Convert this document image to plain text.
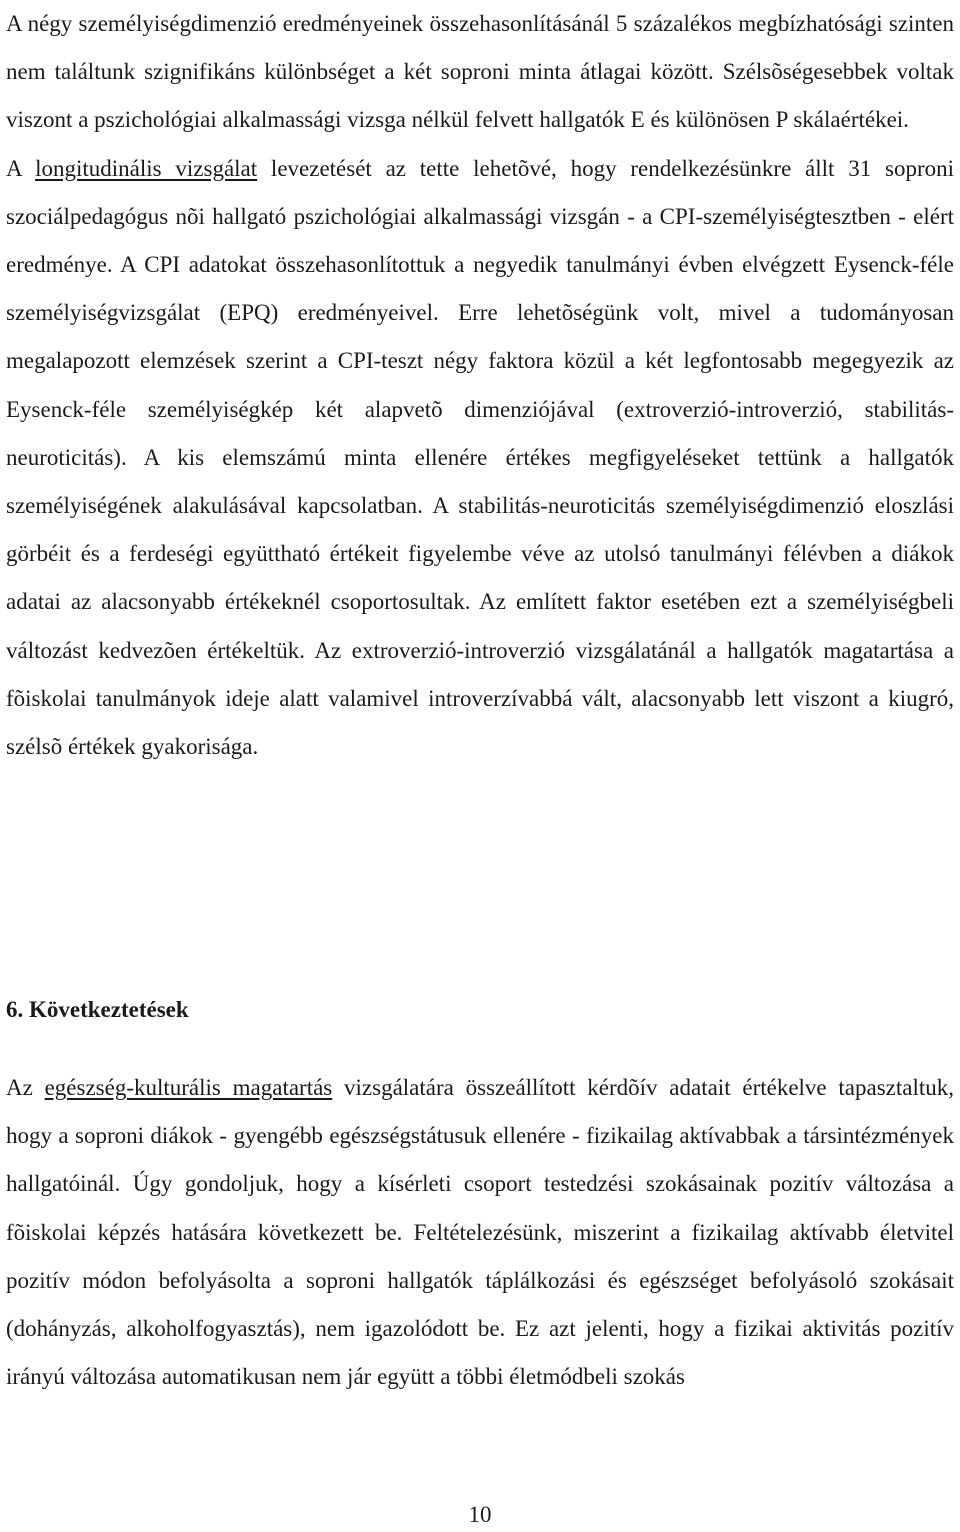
A négy személyiségdimenzió eredményeinek összehasonlításánál 5 százalékos megbízhatósági szinten nem találtunk szignifikáns különbséget a két soproni minta átlagai között. Szélsõségesebbek voltak viszont a pszichológiai alkalmassági vizsga nélkül felvett hallgatók E és különösen P skálaértékei.

A longitudinális vizsgálat levezetését az tette lehetõvé, hogy rendelkezésünkre állt 31 soproni szociálpedagógus nõi hallgató pszichológiai alkalmassági vizsgán - a CPI-személyiségtesztben - elért eredménye. A CPI adatokat összehasonlítottuk a negyedik tanulmányi évben elvégzett Eysenck-féle személyiségvizsgálat (EPQ) eredményeivel. Erre lehetõségünk volt, mivel a tudományosan megalapozott elemzések szerint a CPI-teszt négy faktora közül a két legfontosabb megegyezik az Eysenck-féle személyiségkép két alapvetõ dimenziójával (extroverzió-introverzió, stabilitás-neuroticitás). A kis elemszámú minta ellenére értékes megfigyeléseket tettünk a hallgatók személyiségének alakulásával kapcsolatban. A stabilitás-neuroticitás személyiségdimenzió eloszlási görbéit és a ferdeségi együttható értékeit figyelembe véve az utolsó tanulmányi félévben a diákok adatai az alacsonyabb értékeknél csoportosultak. Az említett faktor esetében ezt a személyiségbeli változást kedvezõen értékeltük. Az extroverzió-introverzió vizsgálatánál a hallgatók magatartása a fõiskolai tanulmányok ideje alatt valamivel introverzívabbá vált, alacsonyabb lett viszont a kiugró, szélsõ értékek gyakorisága.

6. Következtetések

Az egészség-kulturális magatartás vizsgálatára összeállított kérdõív adatait értékelve tapasztaltuk, hogy a soproni diákok - gyengébb egészségstátusuk ellenére - fizikailag aktívabbak a társintézmények hallgatóinál. Úgy gondoljuk, hogy a kísérleti csoport testedzési szokásainak pozitív változása a fõiskolai képzés hatására következett be. Feltételezésünk, miszerint a fizikailag aktívabb életvitel pozitív módon befolyásolta a soproni hallgatók táplálkozási és egészséget befolyásoló szokásait (dohányzás, alkoholfogyasztás), nem igazolódott be. Ez azt jelenti, hogy a fizikai aktivitás pozitív irányú változása automatikusan nem jár együtt a többi életmódbeli szokás

10
